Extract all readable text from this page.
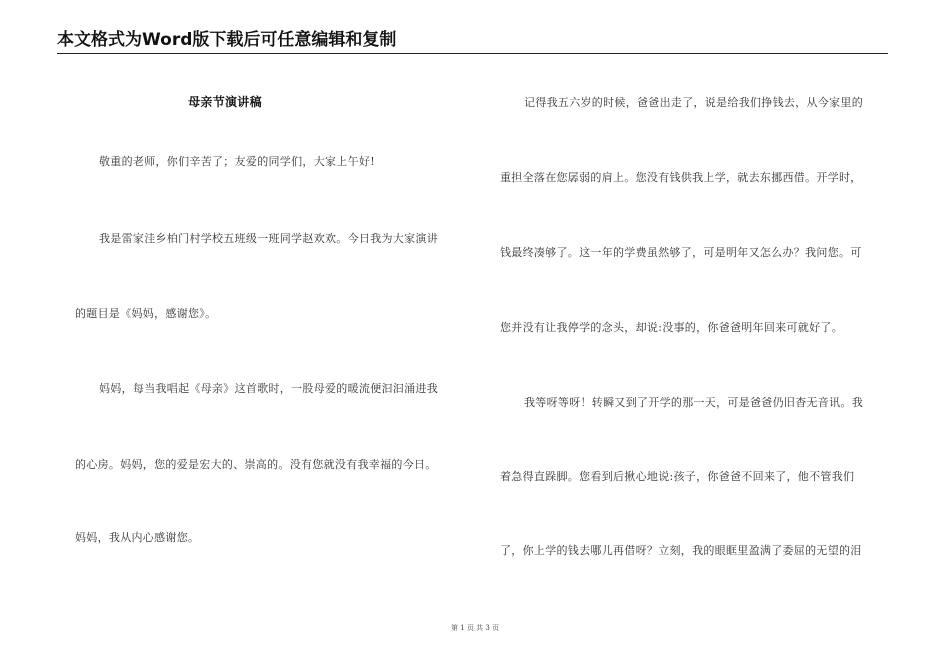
本文格式为Word版下载后可任意编辑和复制
母亲节演讲稿
敬重的老师，你们辛苦了；友爱的同学们，大家上午好!
我是雷家洼乡柏门村学校五班级一班同学赵欢欢。今日我为大家演讲
的题目是《妈妈，感谢您》。
妈妈，每当我唱起《母亲》这首歌时，一股母爱的暖流便汩汩涌进我
的心房。妈妈，您的爱是宏大的、崇高的。没有您就没有我幸福的今日。
妈妈，我从内心感谢您。
记得我五六岁的时候，爸爸出走了，说是给我们挣钱去，从今家里的
重担全落在您孱弱的肩上。您没有钱供我上学，就去东挪西借。开学时，
钱最终凑够了。这一年的学费虽然够了，可是明年又怎么办？我问您。可
您并没有让我停学的念头，却说:没事的，你爸爸明年回来可就好了。
我等呀等呀！转瞬又到了开学的那一天，可是爸爸仍旧杳无音讯。我
着急得直跺脚。您看到后揪心地说:孩子，你爸爸不回来了，他不管我们
了，你上学的钱去哪儿再借呀？立刻，我的眼眶里盈满了委屈的无望的泪
第 1 页 共 3 页
